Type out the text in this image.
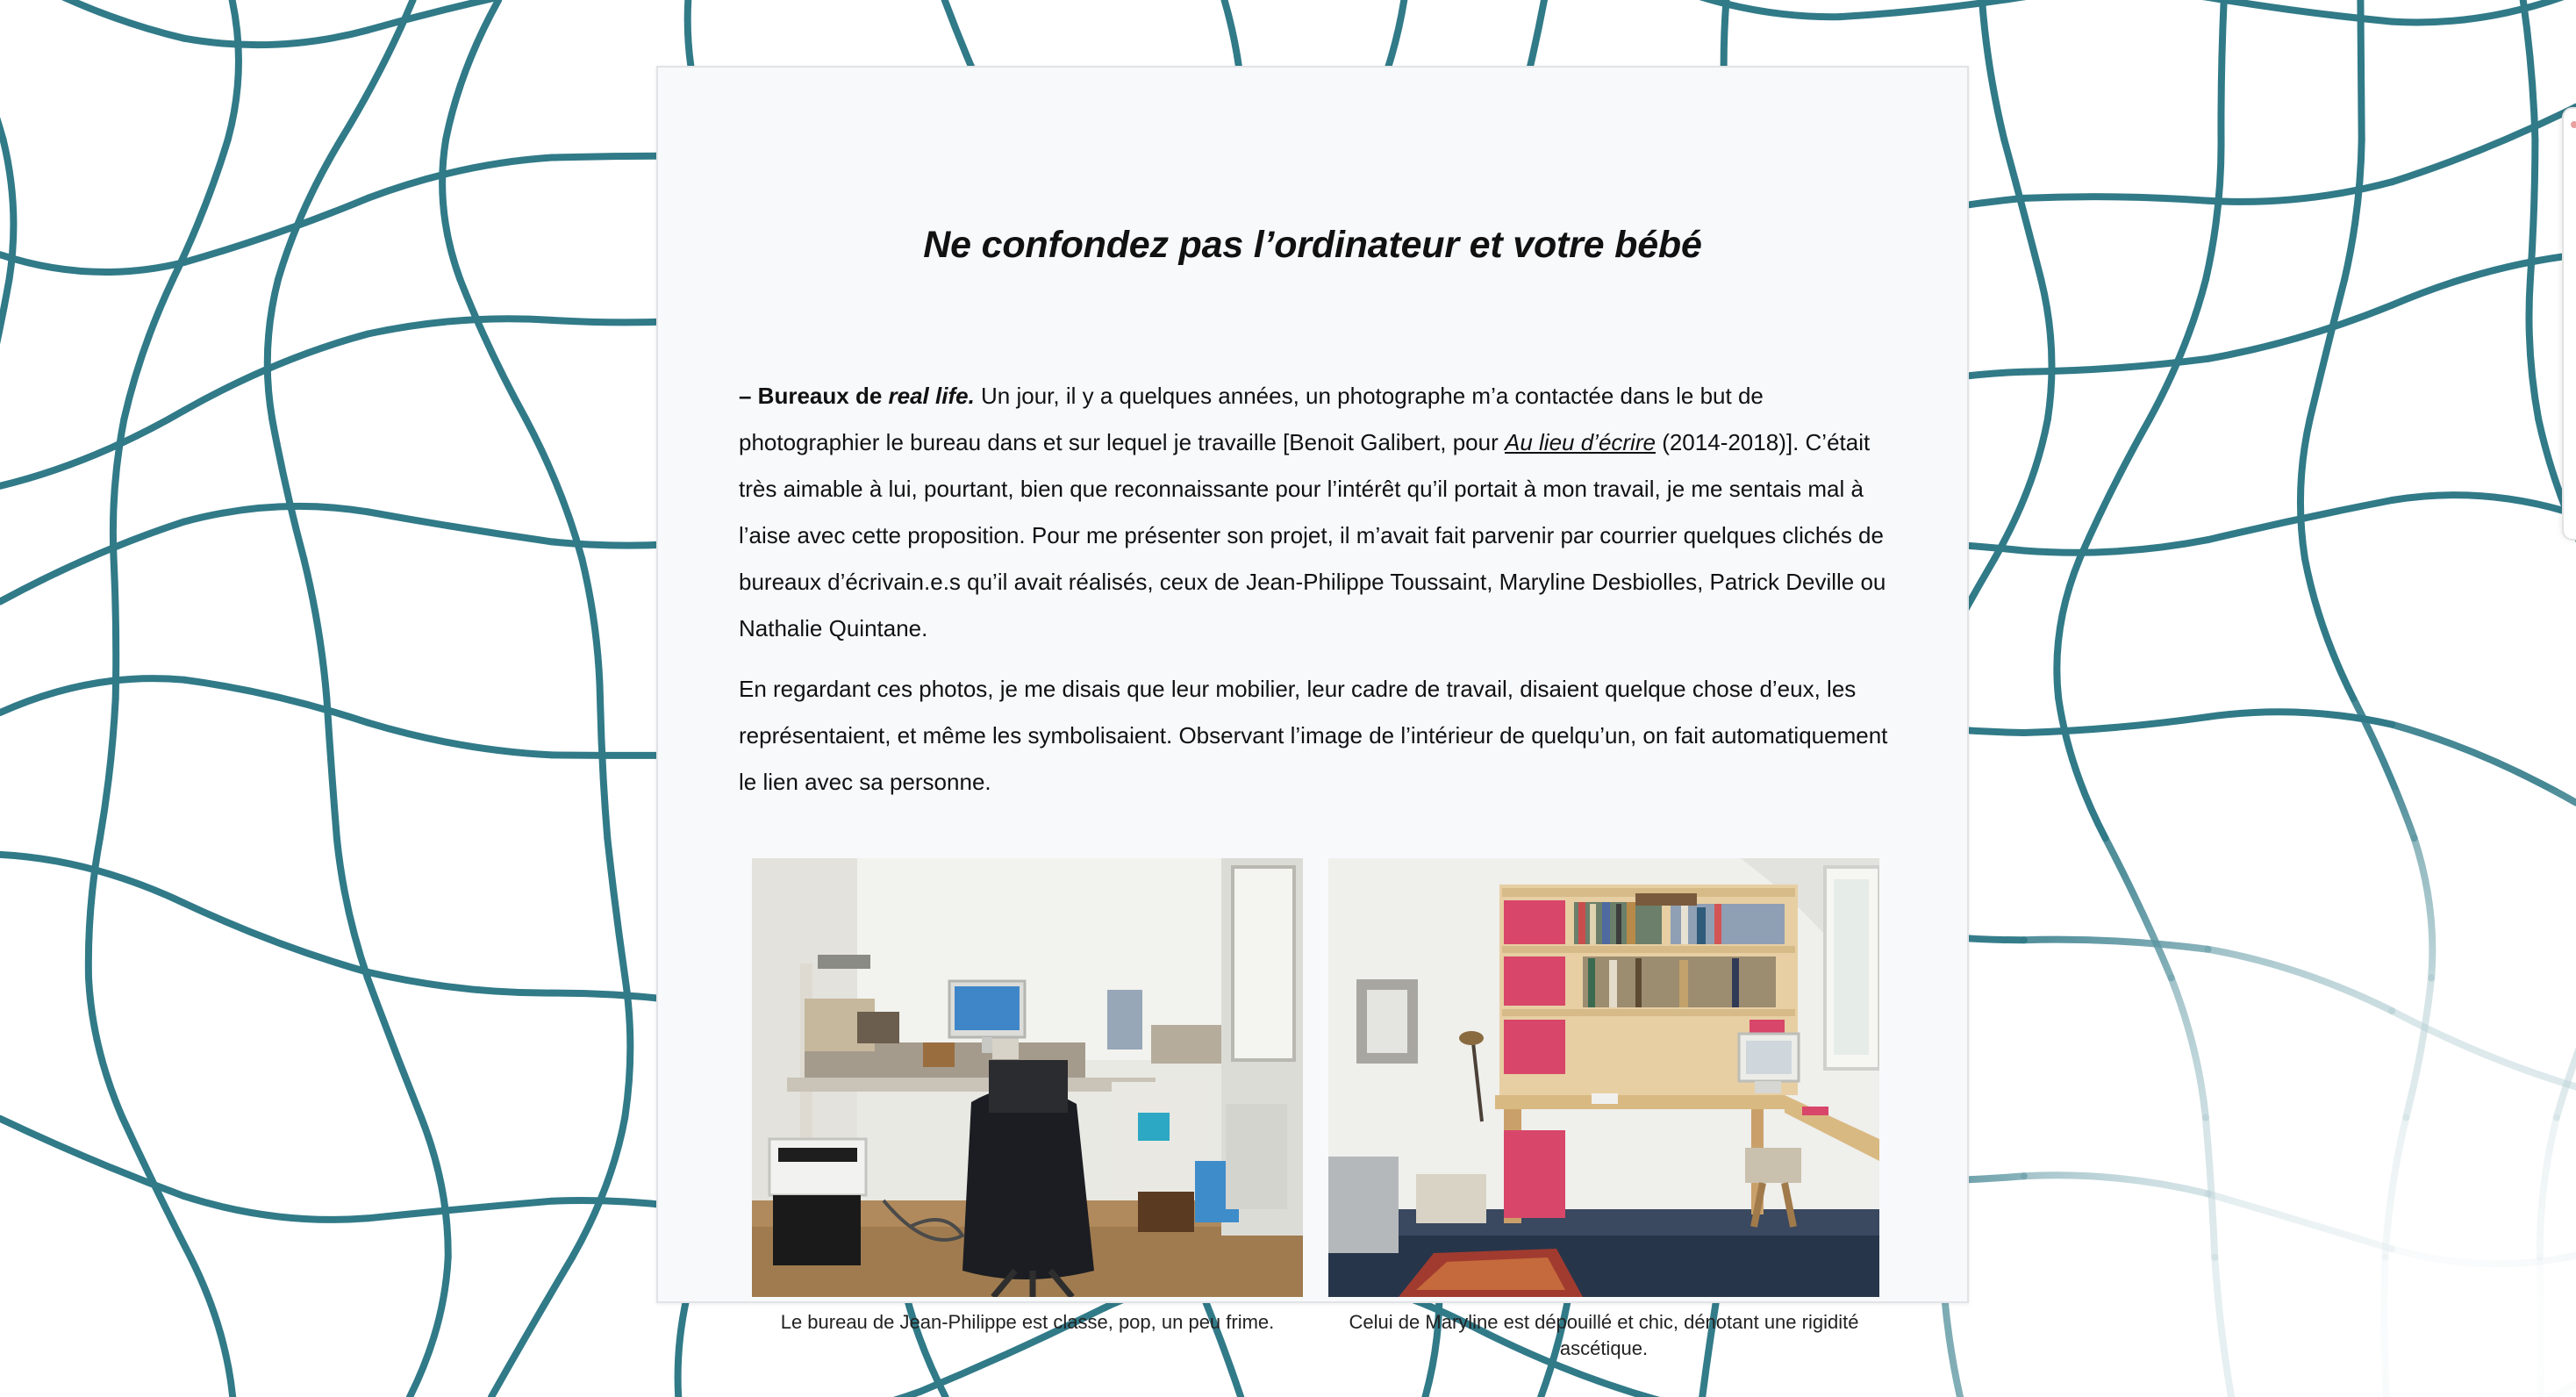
Ne confondez pas l’ordinateur et votre bébé

– Bureaux de real life. Un jour, il y a quelques années, un photographe m’a contactée dans le but de photographier le bureau dans et sur lequel je travaille [Benoit Galibert, pour Au lieu d’écrire (2014-2018)]. C’était très aimable à lui, pourtant, bien que reconnaissante pour l’intérêt qu’il portait à mon travail, je me sentais mal à l’aise avec cette proposition. Pour me présenter son projet, il m’avait fait parvenir par courrier quelques clichés de bureaux d’écrivain.e.s qu’il avait réalisés, ceux de Jean-Philippe Toussaint, Maryline Desbiolles, Patrick Deville ou Nathalie Quintane.

En regardant ces photos, je me disais que leur mobilier, leur cadre de travail, disaient quelque chose d’eux, les représentaient, et même les symbolisaient. Observant l’image de l’intérieur de quelqu’un, on fait automatiquement le lien avec sa personne.

Le bureau de Jean-Philippe est classe, pop, un peu frime.	Celui de Maryline est dépouillé et chic, dénotant une rigidité ascétique.
